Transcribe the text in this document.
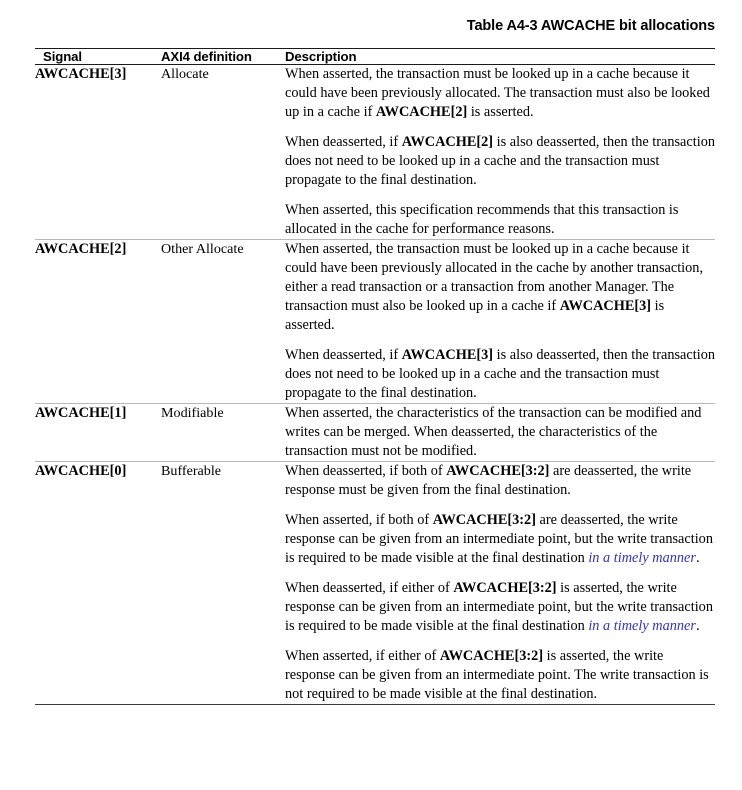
Table A4-3 AWCACHE bit allocations
Signal	AXI4 definition	Description
AWCACHE[3]	Allocate	When asserted, the transaction must be looked up in a cache because it could have been previously allocated. The transaction must also be looked up in a cache if AWCACHE[2] is asserted.

When deasserted, if AWCACHE[2] is also deasserted, then the transaction does not need to be looked up in a cache and the transaction must propagate to the final destination.

When asserted, this specification recommends that this transaction is allocated in the cache for performance reasons.

AWCACHE[2]	Other Allocate	When asserted, the transaction must be looked up in a cache because it could have been previously allocated in the cache by another transaction, either a read transaction or a transaction from another Manager. The transaction must also be looked up in a cache if AWCACHE[3] is asserted.

When deasserted, if AWCACHE[3] is also deasserted, then the transaction does not need to be looked up in a cache and the transaction must propagate to the final destination.

AWCACHE[1]	Modifiable	When asserted, the characteristics of the transaction can be modified and writes can be merged. When deasserted, the characteristics of the transaction must not be modified.

AWCACHE[0]	Bufferable	When deasserted, if both of AWCACHE[3:2] are deasserted, the write response must be given from the final destination.

When asserted, if both of AWCACHE[3:2] are deasserted, the write response can be given from an intermediate point, but the write transaction is required to be made visible at the final destination in a timely manner.

When deasserted, if either of AWCACHE[3:2] is asserted, the write response can be given from an intermediate point, but the write transaction is required to be made visible at the final destination in a timely manner.

When asserted, if either of AWCACHE[3:2] is asserted, the write response can be given from an intermediate point. The write transaction is not required to be made visible at the final destination.
